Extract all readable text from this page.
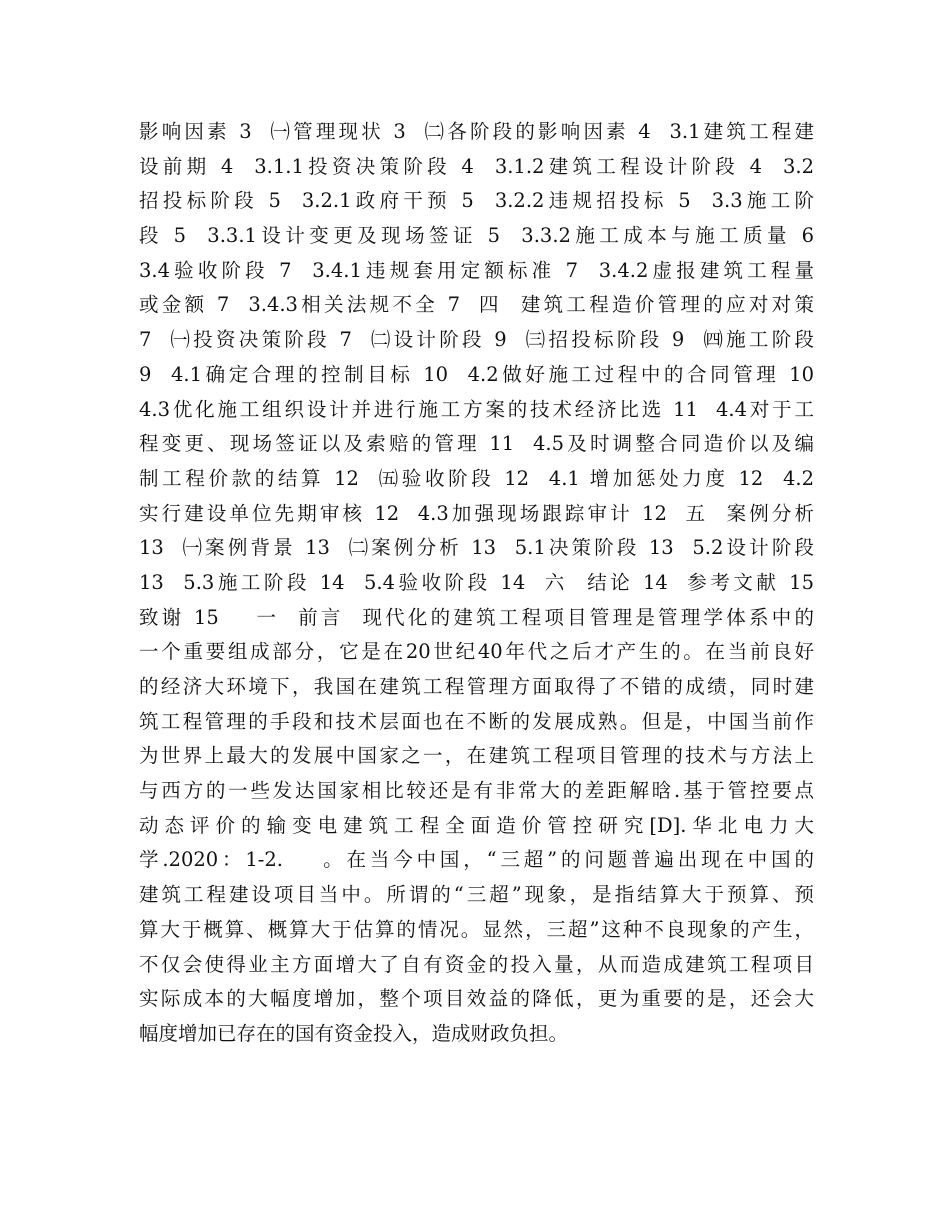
影响因素 3  ㈠管理现状 3  ㈡各阶段的影响因素 4  3.1建筑工程建
设前期 4  3.1.1投资决策阶段 4  3.1.2建筑工程设计阶段 4  3.2
招投标阶段 5  3.2.1政府干预 5  3.2.2违规招投标 5  3.3施工阶
段 5  3.3.1设计变更及现场签证 5  3.3.2施工成本与施工质量 6
3.4验收阶段 7  3.4.1违规套用定额标准 7  3.4.2虚报建筑工程量
或金额 7  3.4.3相关法规不全 7  四  建筑工程造价管理的应对对策
7  ㈠投资决策阶段 7  ㈡设计阶段 9  ㈢招投标阶段 9  ㈣施工阶段
9  4.1确定合理的控制目标 10  4.2做好施工过程中的合同管理 10
4.3优化施工组织设计并进行施工方案的技术经济比选 11  4.4对于工
程变更、现场签证以及索赔的管理 11  4.5及时调整合同造价以及编
制工程价款的结算 12  ㈤验收阶段 12  4.1 增加惩处力度 12  4.2
实行建设单位先期审核 12  4.3加强现场跟踪审计 12  五  案例分析
13  ㈠案例背景 13  ㈡案例分析 13  5.1决策阶段 13  5.2设计阶段
13  5.3施工阶段 14  5.4验收阶段 14  六  结论 14  参考文献 15
致谢 15    一  前言  现代化的建筑工程项目管理是管理学体系中的
一个重要组成部分，它是在20世纪40年代之后才产生的。在当前良好
的经济大环境下，我国在建筑工程管理方面取得了不错的成绩，同时建
筑工程管理的手段和技术层面也在不断的发展成熟。但是，中国当前作
为世界上最大的发展中国家之一，在建筑工程项目管理的技术与方法上
与西方的一些发达国家相比较还是有非常大的差距解晗.基于管控要点
动态评价的输变电建筑工程全面造价管控研究[D].华北电力大
学.2020：1-2.    。在当今中国，“三超”的问题普遍出现在中国的
建筑工程建设项目当中。所谓的“三超”现象，是指结算大于预算、预
算大于概算、概算大于估算的情况。显然，三超”这种不良现象的产生，
不仅会使得业主方面增大了自有资金的投入量，从而造成建筑工程项目
实际成本的大幅度增加，整个项目效益的降低，更为重要的是，还会大
幅度增加已存在的国有资金投入，造成财政负担。
